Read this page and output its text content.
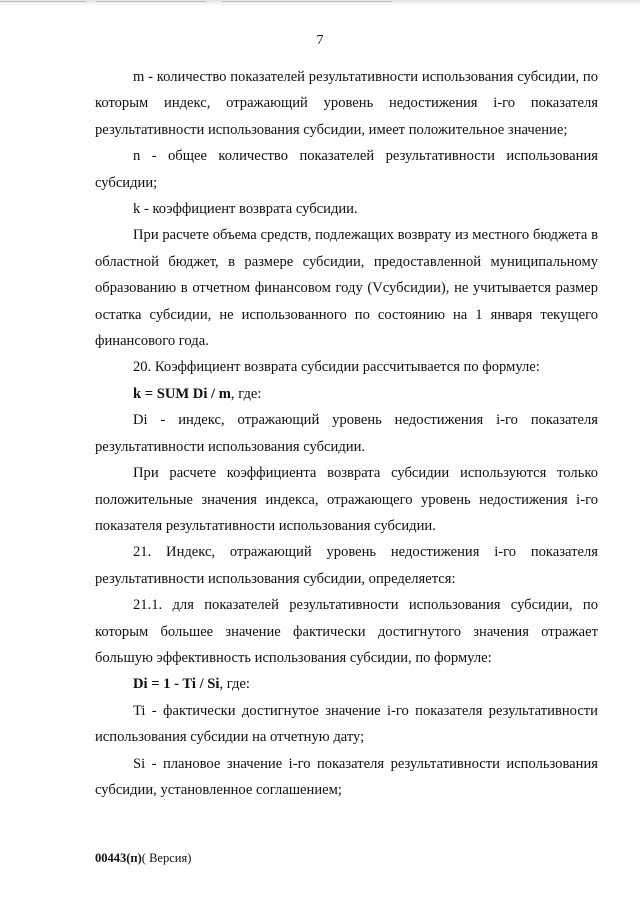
7

m - количество показателей результативности использования субсидии, по которым индекс, отражающий уровень недостижения i-го показателя результативности использования субсидии, имеет положительное значение;

n - общее количество показателей результативности использования субсидии;

k - коэффициент возврата субсидии.

При расчете объема средств, подлежащих возврату из местного бюджета в областной бюджет, в размере субсидии, предоставленной муниципальному образованию в отчетном финансовом году (Vсубсидии), не учитывается размер остатка субсидии, не использованного по состоянию на 1 января текущего финансового года.

20. Коэффициент возврата субсидии рассчитывается по формуле:

k = SUM Di / m, где:

Di - индекс, отражающий уровень недостижения i-го показателя результативности использования субсидии.

При расчете коэффициента возврата субсидии используются только положительные значения индекса, отражающего уровень недостижения i-го показателя результативности использования субсидии.

21. Индекс, отражающий уровень недостижения i-го показателя результативности использования субсидии, определяется:

21.1. для показателей результативности использования субсидии, по которым большее значение фактически достигнутого значения отражает большую эффективность использования субсидии, по формуле:

Di = 1 - Ti / Si, где:

Ti - фактически достигнутое значение i-го показателя результативности использования субсидии на отчетную дату;

Si - плановое значение i-го показателя результативности использования субсидии, установленное соглашением;

00443(п)( Версия)
